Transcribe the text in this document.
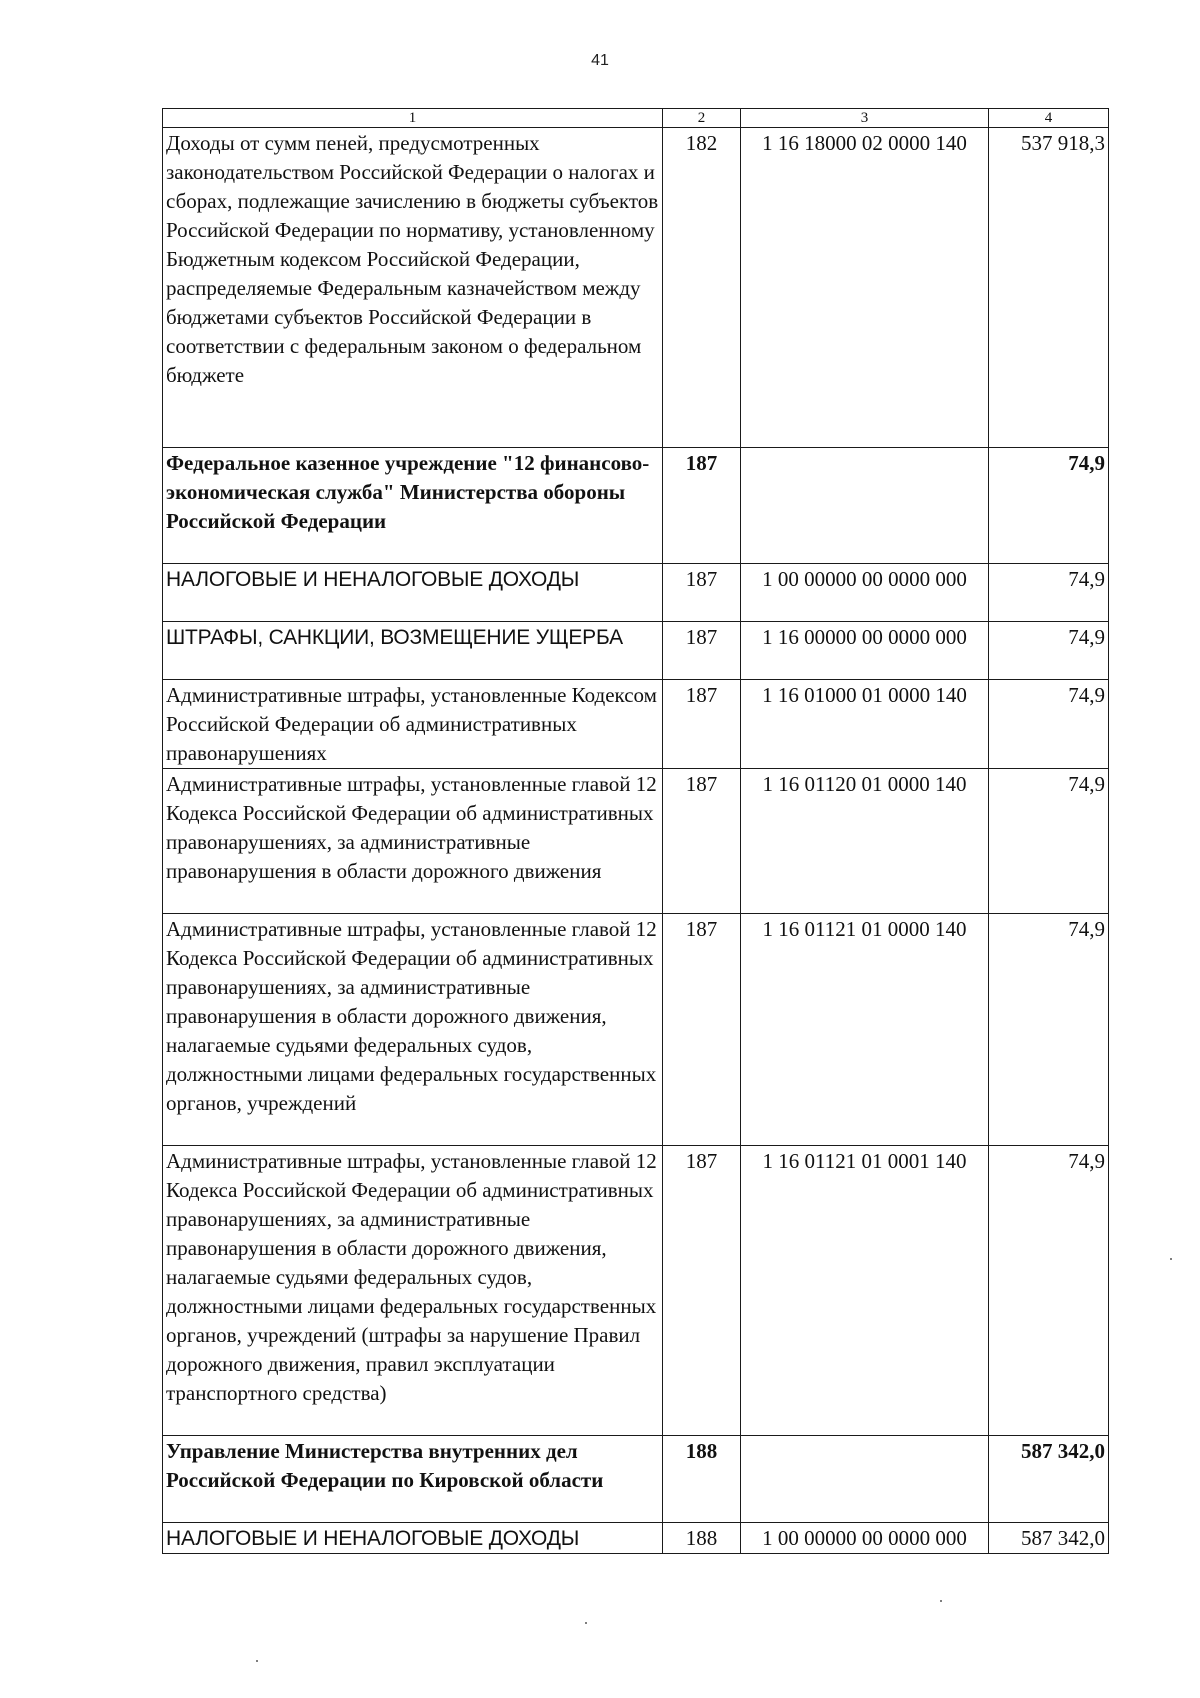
41
1	2	3	4
Доходы от сумм пеней, предусмотренных законодательством Российской Федерации о налогах и сборах, подлежащие зачислению в бюджеты субъектов Российской Федерации по нормативу, установленному Бюджетным кодексом Российской Федерации, распределяемые Федеральным казначейством между бюджетами субъектов Российской Федерации в соответствии с федеральным законом о федеральном бюджете	182	1 16 18000 02 0000 140	537 918,3
Федеральное казенное учреждение "12 финансово-экономическая служба" Министерства обороны Российской Федерации	187		74,9
НАЛОГОВЫЕ И НЕНАЛОГОВЫЕ ДОХОДЫ	187	1 00 00000 00 0000 000	74,9
ШТРАФЫ, САНКЦИИ, ВОЗМЕЩЕНИЕ УЩЕРБА	187	1 16 00000 00 0000 000	74,9
Административные штрафы, установленные Кодексом Российской Федерации об административных правонарушениях	187	1 16 01000 01 0000 140	74,9
Административные штрафы, установленные главой 12 Кодекса Российской Федерации об административных правонарушениях, за административные правонарушения в области дорожного движения	187	1 16 01120 01 0000 140	74,9
Административные штрафы, установленные главой 12 Кодекса Российской Федерации об административных правонарушениях, за административные правонарушения в области дорожного движения, налагаемые судьями федеральных судов, должностными лицами федеральных государственных органов, учреждений	187	1 16 01121 01 0000 140	74,9
Административные штрафы, установленные главой 12 Кодекса Российской Федерации об административных правонарушениях, за административные правонарушения в области дорожного движения, налагаемые судьями федеральных судов, должностными лицами федеральных государственных органов, учреждений (штрафы за нарушение Правил дорожного движения, правил эксплуатации транспортного средства)	187	1 16 01121 01 0001 140	74,9
Управление Министерства внутренних дел Российской Федерации по Кировской области	188		587 342,0
НАЛОГОВЫЕ И НЕНАЛОГОВЫЕ ДОХОДЫ	188	1 00 00000 00 0000 000	587 342,0
